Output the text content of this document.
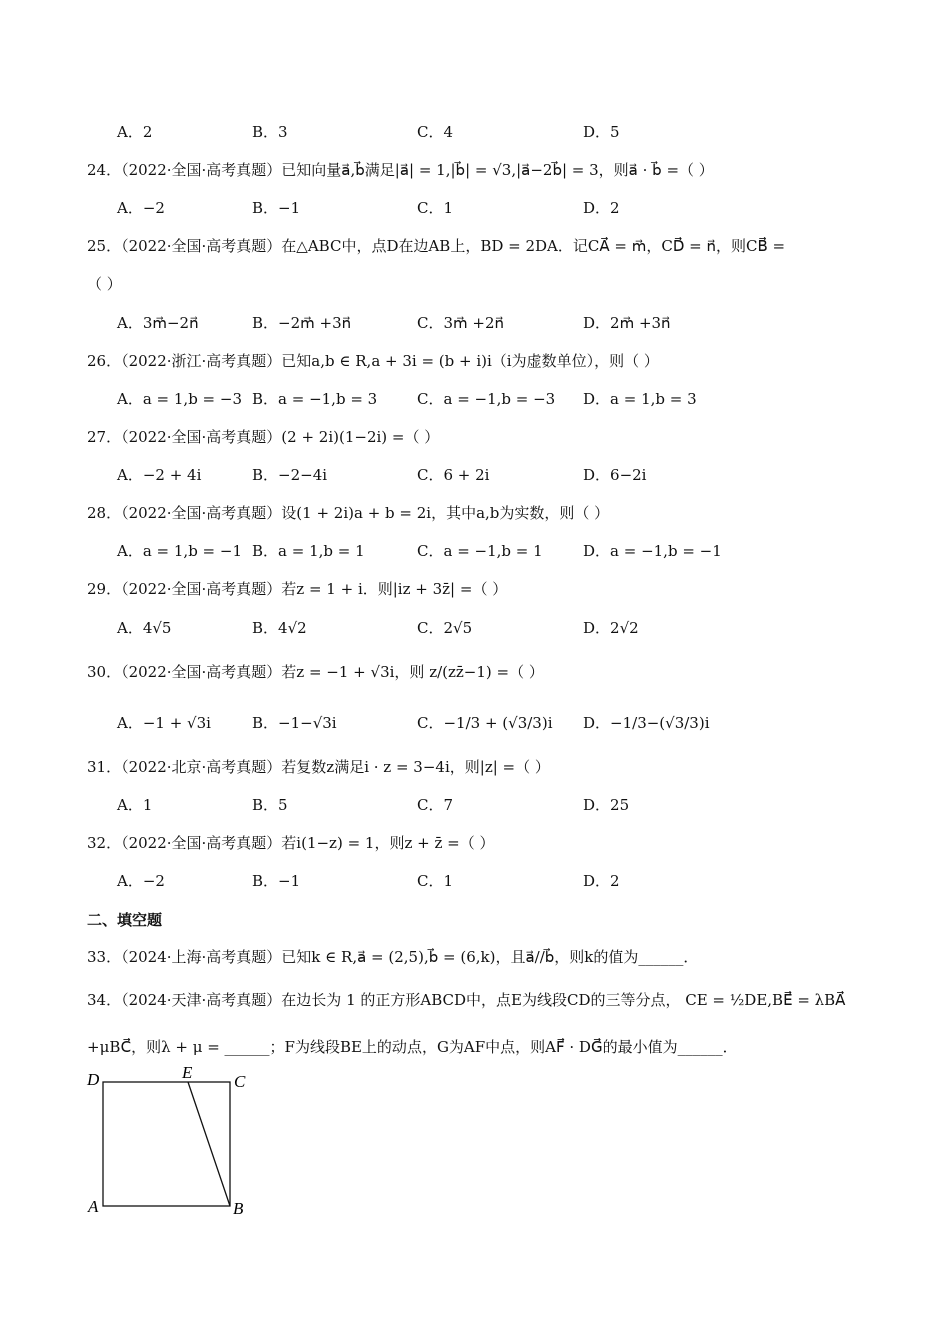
A．2	B．3	C．4	D．5
24．（2022·全国·高考真题）已知向量a⃗,b⃗满足|a⃗| = 1,|b⃗| = √3,|a⃗−2b⃗| = 3，则a⃗ · b⃗ =（ ）
A．−2	B．−1	C．1	D．2
25．（2022·全国·高考真题）在△ABC中，点D在边AB上，BD = 2DA．记CA⃗⃗ = m⃗，CD⃗⃗ = n⃗，则CB⃗⃗ =
（ ）
A．3m⃗−2n⃗	B．−2m⃗ +3n⃗	C．3m⃗ +2n⃗	D．2m⃗ +3n⃗
26．（2022·浙江·高考真题）已知a,b ∈ R,a + 3i = (b + i)i（i为虚数单位），则（ ）
A．a = 1,b = −3 B．a = −1,b = 3	C．a = −1,b = −3 D．a = 1,b = 3
27．（2022·全国·高考真题）(2 + 2i)(1−2i) =（ ）
A．−2 + 4i	B．−2−4i	C．6 + 2i	D．6−2i
28．（2022·全国·高考真题）设(1 + 2i)a + b = 2i，其中a,b为实数，则（ ）
A．a = 1,b = −1 B．a = 1,b = 1	C．a = −1,b = 1	D．a = −1,b = −1
29．（2022·全国·高考真题）若z = 1 + i．则|iz + 3z̄| =（ ）
A．4√5	B．4√2	C．2√5	D．2√2
30．（2022·全国·高考真题）若z = −1 + √3i，则 z/(zz̄−1) =（ ）
A．−1 + √3i	B．−1−√3i	C．−1/3 + (√3/3)i D．−1/3−(√3/3)i
31．（2022·北京·高考真题）若复数z满足i · z = 3−4i，则|z| =（ ）
A．1	B．5	C．7	D．25
32．（2022·全国·高考真题）若i(1−z) = 1，则z + z̄ =（ ）
A．−2	B．−1	C．1	D．2
二、填空题
33．（2024·上海·高考真题）已知k ∈ R,a⃗ = (2,5),b⃗ = (6,k)，且a⃗//b⃗，则k的值为______．
34．（2024·天津·高考真题）在边长为 1 的正方形ABCD中，点E为线段CD的三等分点， CE = ½DE,BE⃗⃗ = λBA⃗⃗
+μBC⃗⃗，则λ + μ = ______；F为线段BE上的动点，G为AF中点，则AF⃗⃗ · DG⃗⃗的最小值为______．
D	E C
A	B
